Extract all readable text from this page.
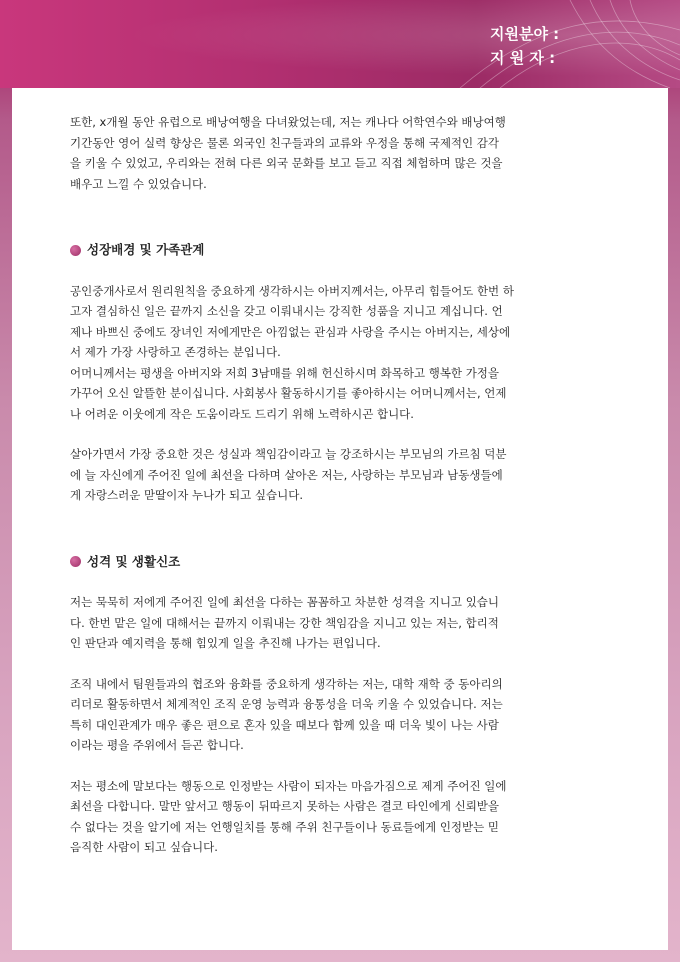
지원분야 :
지 원 자 :

또한, x개월 동안 유럽으로 배낭여행을 다녀왔었는데, 저는 캐나다 어학연수와 배낭여행
기간동안 영어 실력 향상은 물론 외국인 친구들과의 교류와 우정을 통해 국제적인 감각
을 키울 수 있었고, 우리와는 전혀 다른 외국 문화를 보고 듣고 직접 체험하며 많은 것을
배우고 느낄 수 있었습니다.

성장배경 및 가족관계

공인중개사로서 원리원칙을 중요하게 생각하시는 아버지께서는, 아무리 힘들어도 한번 하
고자 결심하신 일은 끝까지 소신을 갖고 이뤄내시는 강직한 성품을 지니고 계십니다. 언
제나 바쁘신 중에도 장녀인 저에게만은 아낌없는 관심과 사랑을 주시는 아버지는, 세상에
서 제가 가장 사랑하고 존경하는 분입니다.
어머니께서는 평생을 아버지와 저희 3남매를 위해 헌신하시며 화목하고 행복한 가정을
가꾸어 오신 알뜰한 분이십니다. 사회봉사 활동하시기를 좋아하시는 어머니께서는, 언제
나 어려운 이웃에게 작은 도움이라도 드리기 위해 노력하시곤 합니다.

살아가면서 가장 중요한 것은 성실과 책임감이라고 늘 강조하시는 부모님의 가르침 덕분
에 늘 자신에게 주어진 일에 최선을 다하며 살아온 저는, 사랑하는 부모님과 남동생들에
게 자랑스러운 맏딸이자 누나가 되고 싶습니다.

성격 및 생활신조

저는 묵묵히 저에게 주어진 일에 최선을 다하는 꼼꼼하고 차분한 성격을 지니고 있습니
다. 한번 맡은 일에 대해서는 끝까지 이뤄내는 강한 책임감을 지니고 있는 저는, 합리적
인 판단과 예지력을 통해 힘있게 일을 추진해 나가는 편입니다.

조직 내에서 팀원들과의 협조와 융화를 중요하게 생각하는 저는, 대학 재학 중 동아리의
리더로 활동하면서 체계적인 조직 운영 능력과 융통성을 더욱 키울 수 있었습니다. 저는
특히 대인관계가 매우 좋은 편으로 혼자 있을 때보다 함께 있을 때 더욱 빛이 나는 사람
이라는 평을 주위에서 듣곤 합니다.

저는 평소에 말보다는 행동으로 인정받는 사람이 되자는 마음가짐으로 제게 주어진 일에
최선을 다합니다. 말만 앞서고 행동이 뒤따르지 못하는 사람은 결코 타인에게 신뢰받을
수 없다는 것을 알기에 저는 언행일치를 통해 주위 친구들이나 동료들에게 인정받는 믿
음직한 사람이 되고 싶습니다.
